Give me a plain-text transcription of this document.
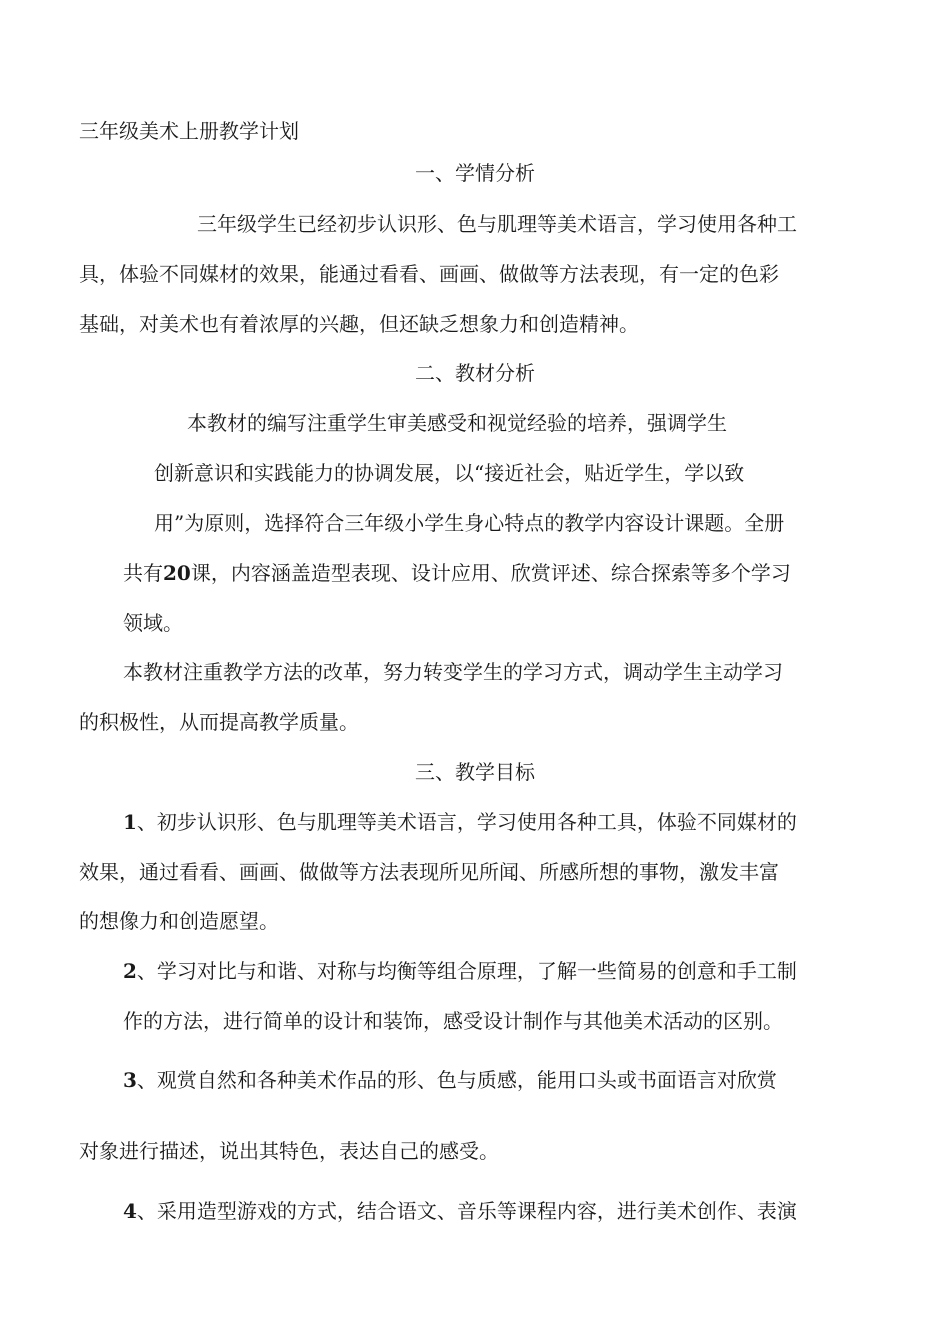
三年级美术上册教学计划
一、学情分析
三年级学生已经初步认识形、色与肌理等美术语言，学习使用各种工
具，体验不同媒材的效果，能通过看看、画画、做做等方法表现，有一定的色彩
基础，对美术也有着浓厚的兴趣，但还缺乏想象力和创造精神。
二、教材分析
本教材的编写注重学生审美感受和视觉经验的培养，强调学生
创新意识和实践能力的协调发展，以“接近社会，贴近学生，学以致
用”为原则，选择符合三年级小学生身心特点的教学内容设计课题。全册
共有20课，内容涵盖造型表现、设计应用、欣赏评述、综合探索等多个学习
领域。
本教材注重教学方法的改革，努力转变学生的学习方式，调动学生主动学习
的积极性，从而提高教学质量。
三、教学目标
1、初步认识形、色与肌理等美术语言，学习使用各种工具，体验不同媒材的
效果，通过看看、画画、做做等方法表现所见所闻、所感所想的事物，激发丰富
的想像力和创造愿望。
2、学习对比与和谐、对称与均衡等组合原理，了解一些简易的创意和手工制
作的方法，进行简单的设计和装饰，感受设计制作与其他美术活动的区别。
3、观赏自然和各种美术作品的形、色与质感，能用口头或书面语言对欣赏
对象进行描述，说出其特色，表达自己的感受。
4、采用造型游戏的方式，结合语文、音乐等课程内容，进行美术创作、表演
